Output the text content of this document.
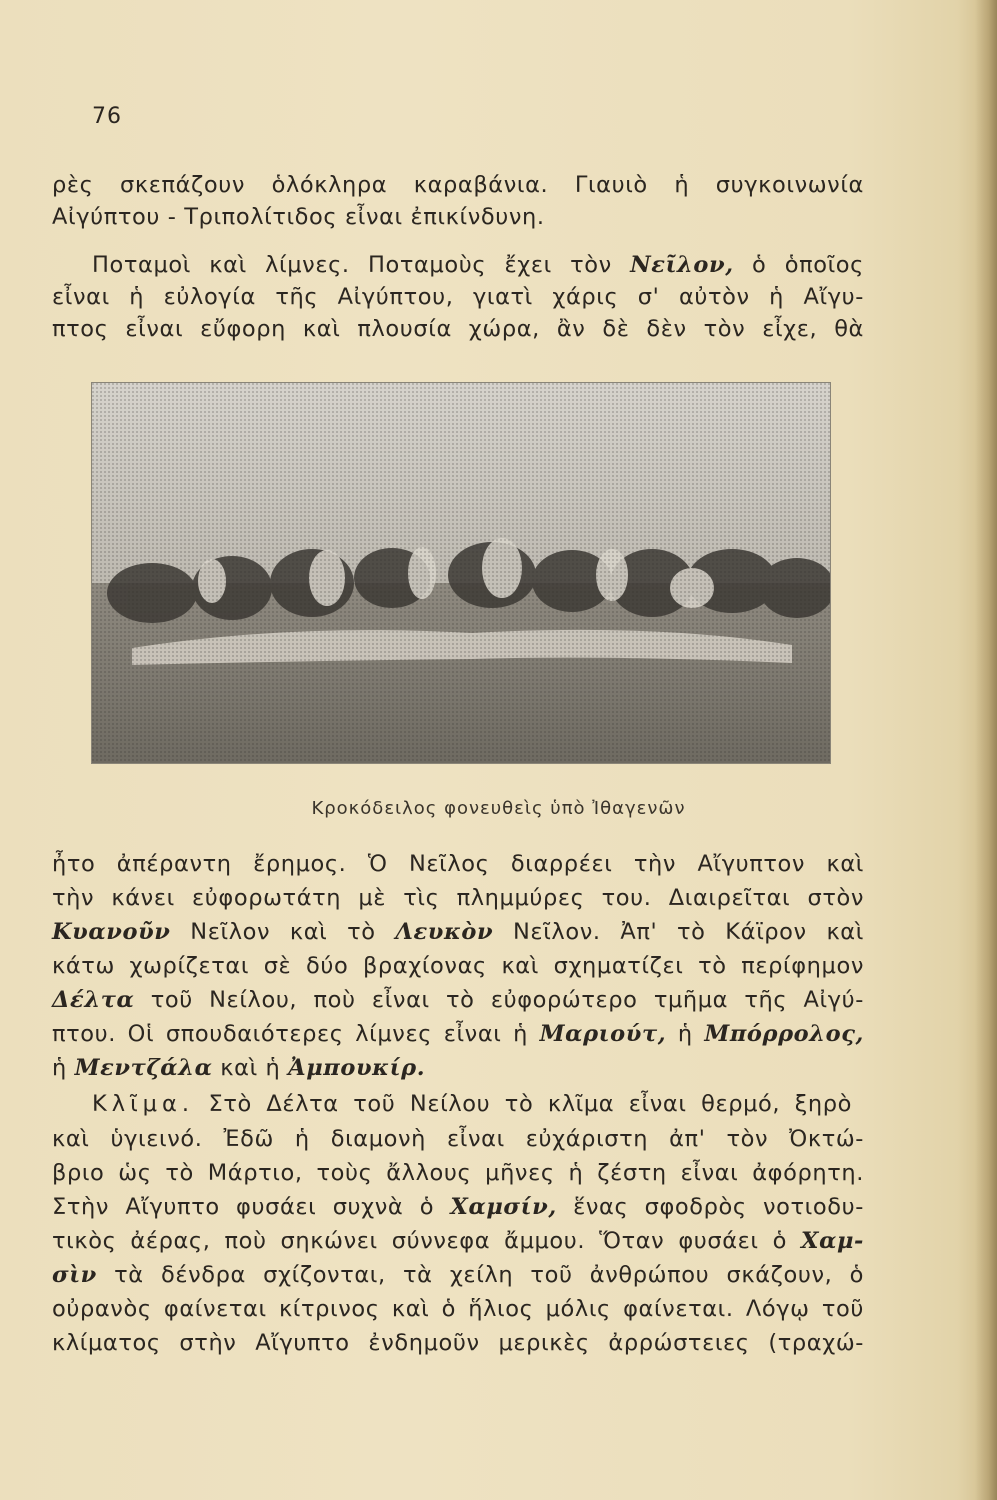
76
ρὲς σκεπάζουν ὁλόκληρα καραβάνια. Γιαυιὸ ἡ συγκοινωνία
Αἰγύπτου - Τριπολίτιδος εἶναι ἐπικίνδυνη.
Ποταμοὶ καὶ λίμνες. Ποταμοὺς ἔχει τὸν Νεῖλον, ὁ ὁποῖος
εἶναι ἡ εὐλογία τῆς Αἰγύπτου, γιατὶ χάρις σ' αὐτὸν ἡ Αἴγυ-
πτος εἶναι εὔφορη καὶ πλουσία χώρα, ἂν δὲ δὲν τὸν εἶχε, θὰ
Κροκόδειλος φονευθεὶς ὑπὸ Ἰθαγενῶν
ἦτο ἀπέραντη ἔρημος. Ὁ Νεῖλος διαρρέει τὴν Αἴγυπτον καὶ
τὴν κάνει εὐφορωτάτη μὲ τὶς πλημμύρες του. Διαιρεῖται στὸν
Κυανοῦν Νεῖλον καὶ τὸ Λευκὸν Νεῖλον. Ἀπ' τὸ Κάϊρον καὶ
κάτω χωρίζεται σὲ δύο βραχίονας καὶ σχηματίζει τὸ περίφημον
Δέλτα τοῦ Νείλου, ποὺ εἶναι τὸ εὐφορώτερο τμῆμα τῆς Αἰγύ-
πτου. Οἱ σπουδαιότερες λίμνες εἶναι ἡ Μαριούτ, ἡ Μπόρρολος,
ἡ Μεντζάλα καὶ ἡ Ἀμπουκίρ.
Κλῖμα. Στὸ Δέλτα τοῦ Νείλου τὸ κλῖμα εἶναι θερμό, ξηρὸ
καὶ ὑγιεινό. Ἐδῶ ἡ διαμονὴ εἶναι εὐχάριστη ἀπ' τὸν Ὀκτώ-
βριο ὡς τὸ Μάρτιο, τοὺς ἄλλους μῆνες ἡ ζέστη εἶναι ἀφόρητη.
Στὴν Αἴγυπτο φυσάει συχνὰ ὁ Χαμσίν, ἕνας σφοδρὸς νοτιοδυ-
τικὸς ἀέρας, ποὺ σηκώνει σύννεφα ἄμμου. Ὅταν φυσάει ὁ Χαμ-
σὶν τὰ δένδρα σχίζονται, τὰ χείλη τοῦ ἀνθρώπου σκάζουν, ὁ
οὐρανὸς φαίνεται κίτρινος καὶ ὁ ἥλιος μόλις φαίνεται. Λόγῳ τοῦ
κλίματος στὴν Αἴγυπτο ἐνδημοῦν μερικὲς ἀρρώστειες (τραχώ-
